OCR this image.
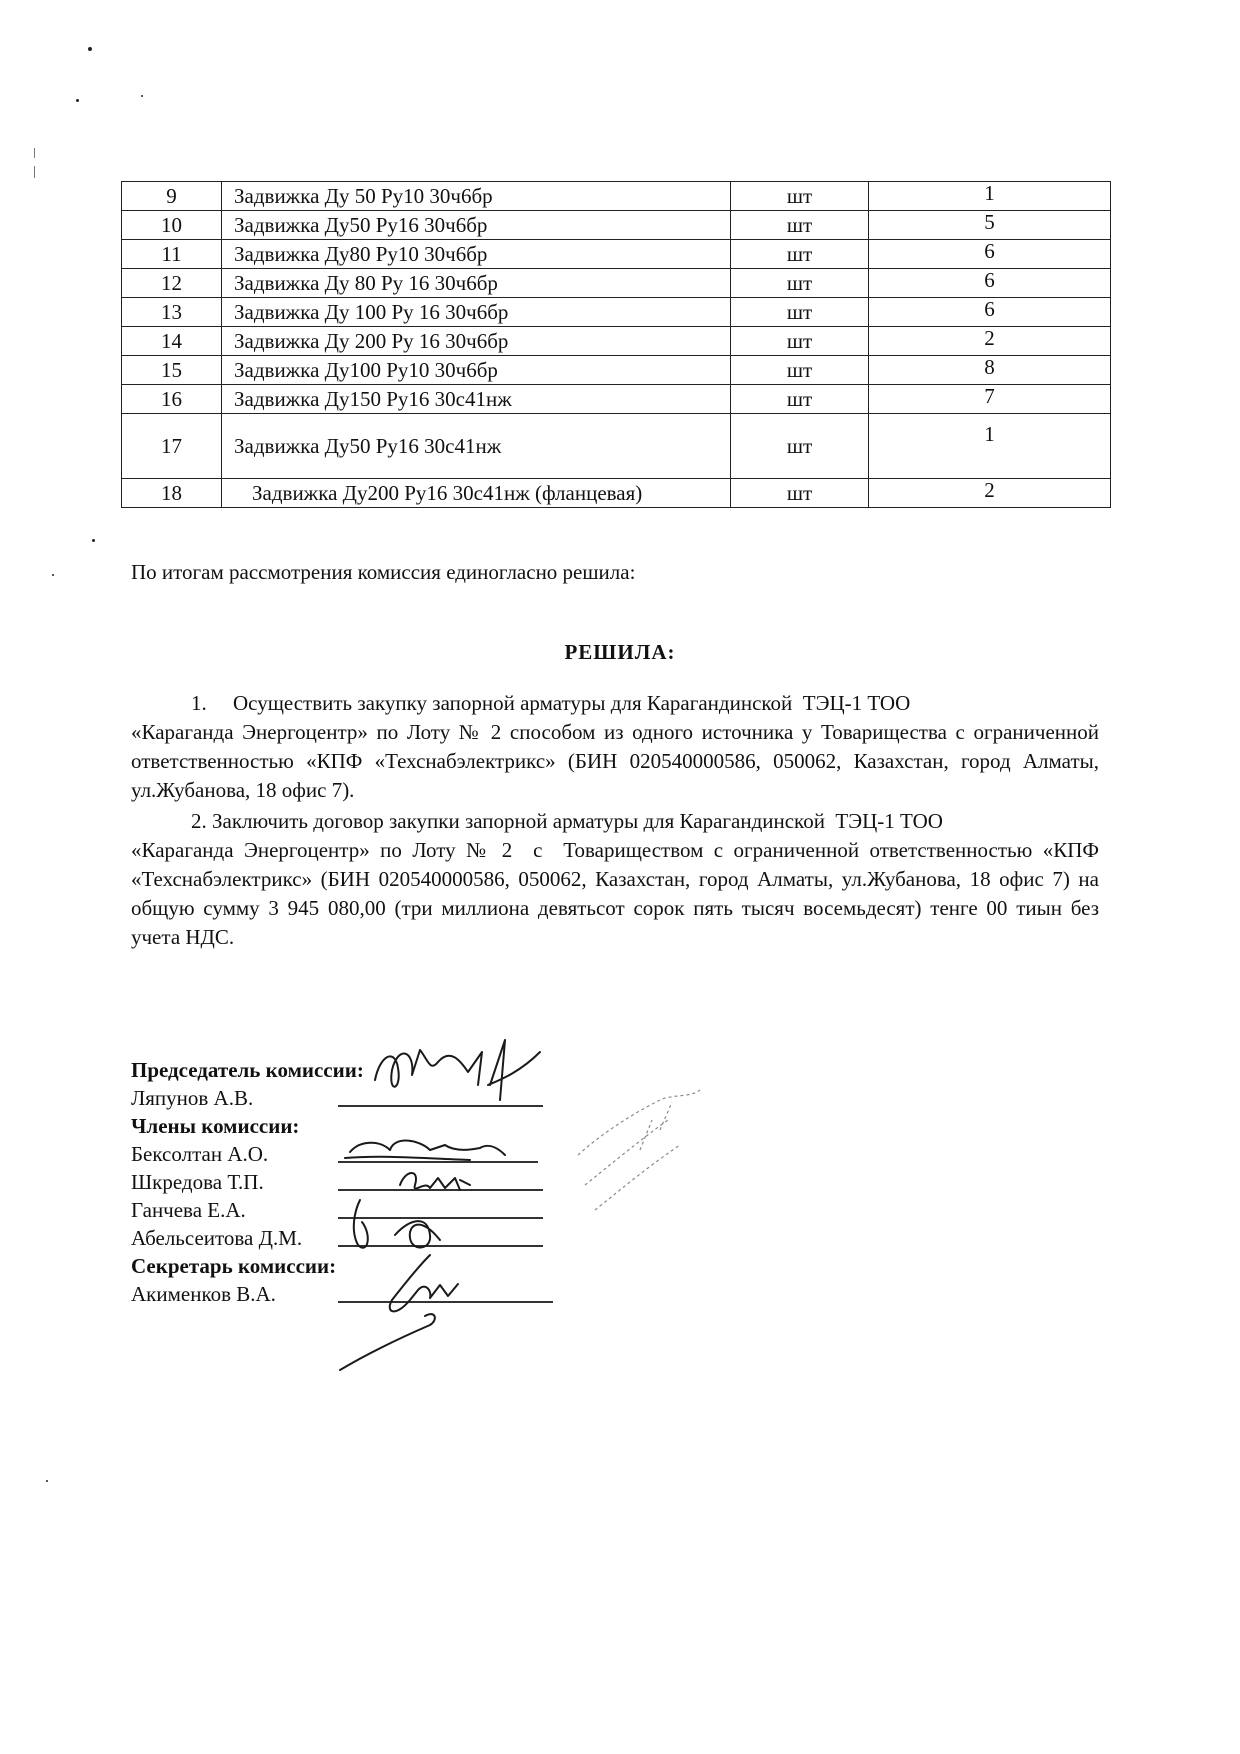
9	Задвижка Ду 50 Ру10 30ч6бр	шт	1
10	Задвижка Ду50 Ру16 30ч6бр	шт	5
11	Задвижка Ду80 Ру10 30ч6бр	шт	6
12	Задвижка Ду 80 Ру 16 30ч6бр	шт	6
13	Задвижка Ду 100 Ру 16 30ч6бр	шт	6
14	Задвижка Ду 200 Ру 16 30ч6бр	шт	2
15	Задвижка Ду100 Ру10 30ч6бр	шт	8
16	Задвижка Ду150 Ру16 30с41нж	шт	7
17	Задвижка Ду50 Ру16 30с41нж	шт	1
18	Задвижка Ду200 Ру16 30с41нж (фланцевая)	шт	2
По итогам рассмотрения комиссия единогласно решила:
РЕШИЛА:
1.     Осуществить закупку запорной арматуры для Карагандинской  ТЭЦ-1 ТОО
«Караганда Энергоцентр» по Лоту № 2 способом из одного источника у Товарищества с ограниченной ответственностью «КПФ «Техснабэлектрикс» (БИН 020540000586, 050062, Казахстан, город Алматы, ул.Жубанова, 18 офис 7).
2. Заключить договор закупки запорной арматуры для Карагандинской  ТЭЦ-1 ТОО
«Караганда Энергоцентр» по Лоту № 2  с  Товариществом с ограниченной ответственностью «КПФ «Техснабэлектрикс» (БИН 020540000586, 050062, Казахстан, город Алматы, ул.Жубанова, 18 офис 7) на общую сумму 3 945 080,00 (три миллиона девятьсот сорок пять тысяч восемьдесят) тенге 00 тиын без учета НДС.
Председатель комиссии:
Ляпунов А.В.
Члены комиссии:
Бексолтан А.О.
Шкредова Т.П.
Ганчева Е.А.
Абельсеитова Д.М.
Секретарь комиссии:
Акименков В.А.
